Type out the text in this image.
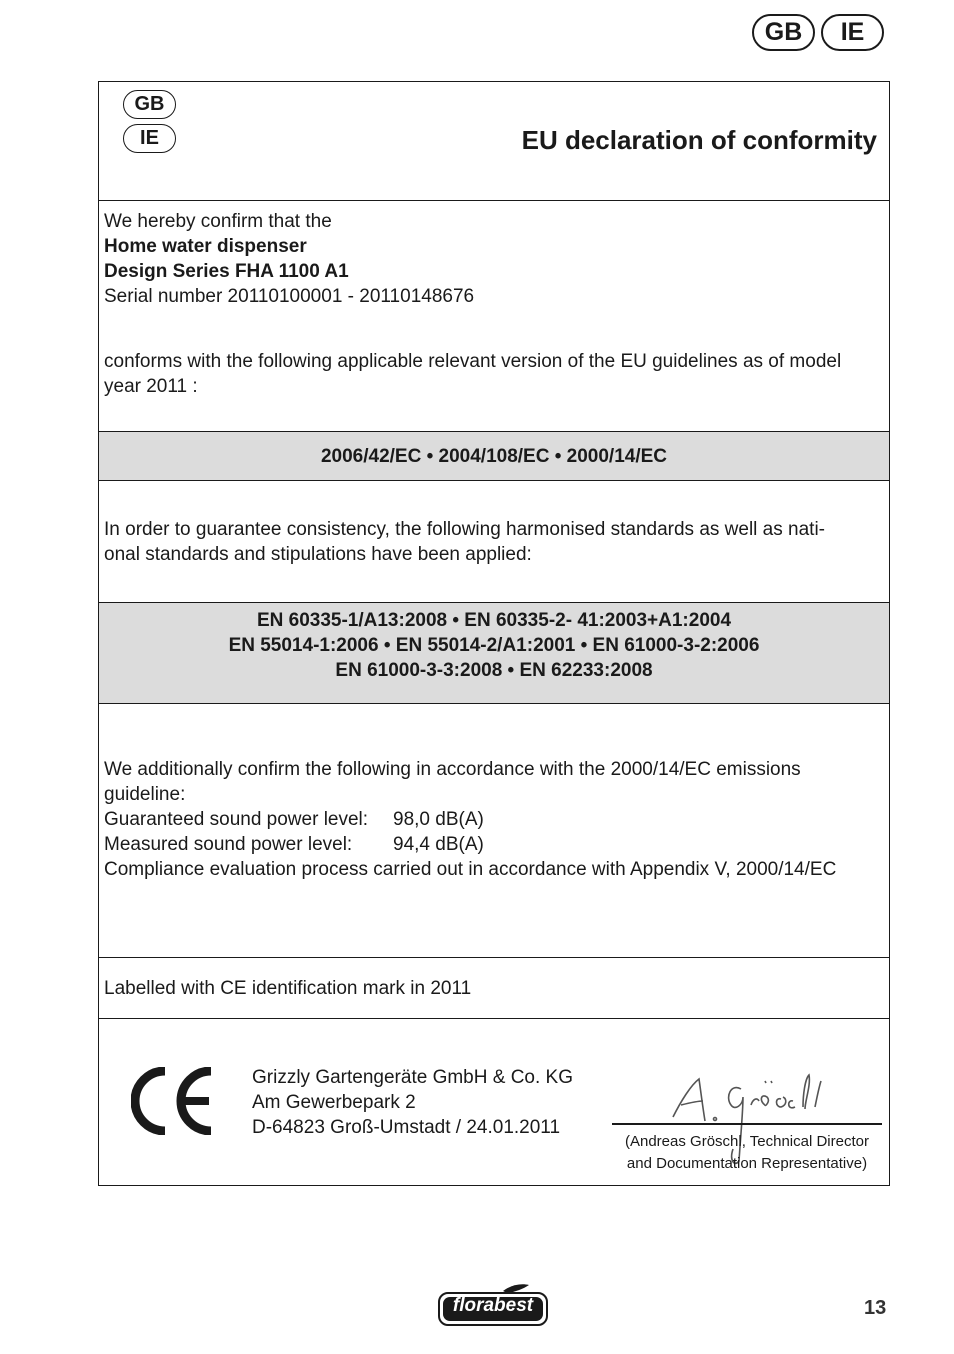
GB	IE
GB
IE	EU declaration of conformity
We hereby confirm that the
Home water dispenser
Design Series FHA 1100 A1
Serial number 20110100001 - 20110148676
conforms with the following applicable relevant version of the EU guidelines as of model year 2011 :
2006/42/EC • 2004/108/EC • 2000/14/EC
In order to guarantee consistency, the following harmonised standards as well as nati-
onal standards and stipulations have been applied:
EN 60335-1/A13:2008 • EN 60335-2- 41:2003+A1:2004
EN 55014-1:2006 • EN 55014-2/A1:2001 • EN 61000-3-2:2006
EN 61000-3-3:2008 • EN 62233:2008
We additionally confirm the following in accordance with the 2000/14/EC emissions
guideline:
Guaranteed sound power level: 98,0 dB(A)
Measured sound power level: 94,4 dB(A)
Compliance evaluation process carried out in accordance with Appendix V, 2000/14/EC
Labelled with CE identification mark in 2011
Grizzly Gartengeräte GmbH & Co. KG
Am Gewerbepark 2
D-64823 Groß-Umstadt / 24.01.2011
(Andreas Gröschl, Technical Director
and Documentation Representative)
florabest	13
